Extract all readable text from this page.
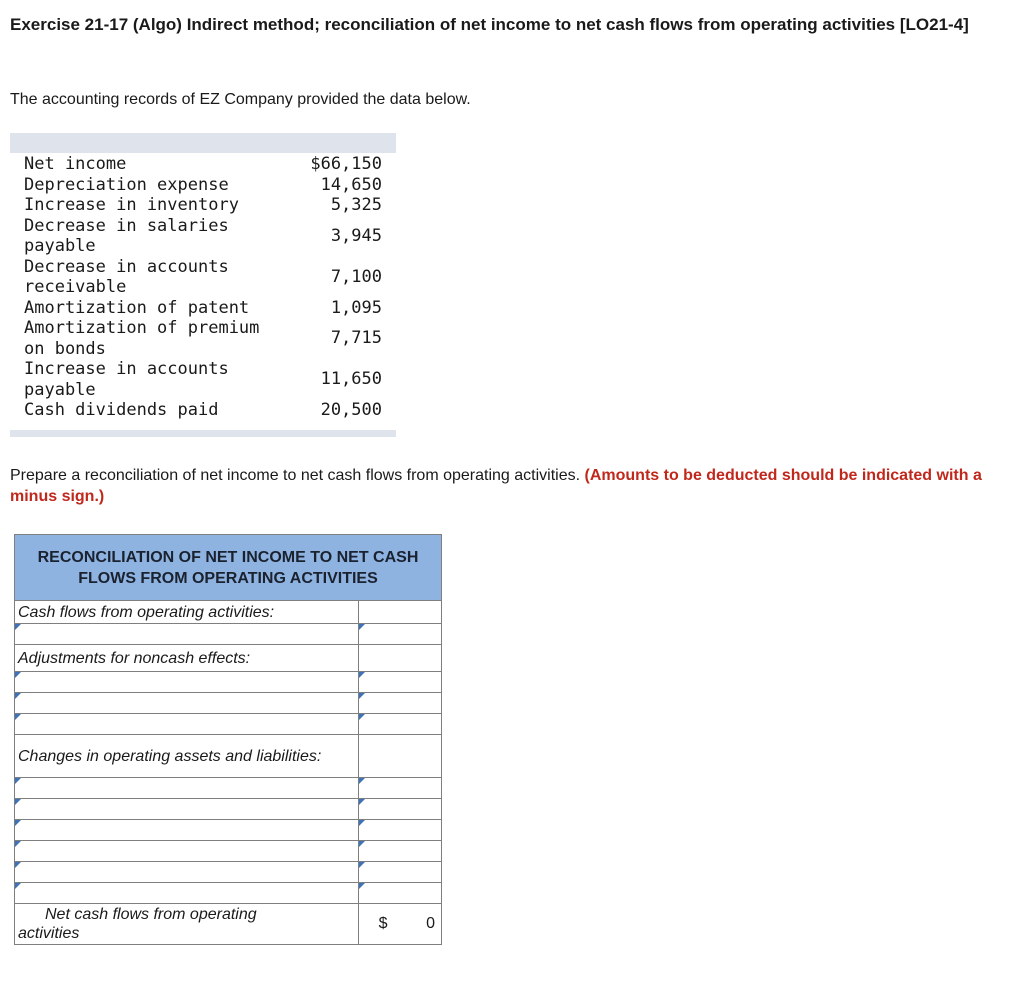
Exercise 21-17 (Algo) Indirect method; reconciliation of net income to net cash flows from operating activities [LO21-4]
The accounting records of EZ Company provided the data below.
Net income	$66,150
Depreciation expense	14,650
Increase in inventory	5,325
Decrease in salaries payable	3,945
Decrease in accounts receivable	7,100
Amortization of patent	1,095
Amortization of premium on bonds	7,715
Increase in accounts payable	11,650
Cash dividends paid	20,500
Prepare a reconciliation of net income to net cash flows from operating activities. (Amounts to be deducted should be indicated with a minus sign.)
RECONCILIATION OF NET INCOME TO NET CASH FLOWS FROM OPERATING ACTIVITIES	
Cash flows from operating activities:	

Adjustments for noncash effects:	

Changes in operating assets and liabilities:	

Net cash flows from operating
activities	$ 0
